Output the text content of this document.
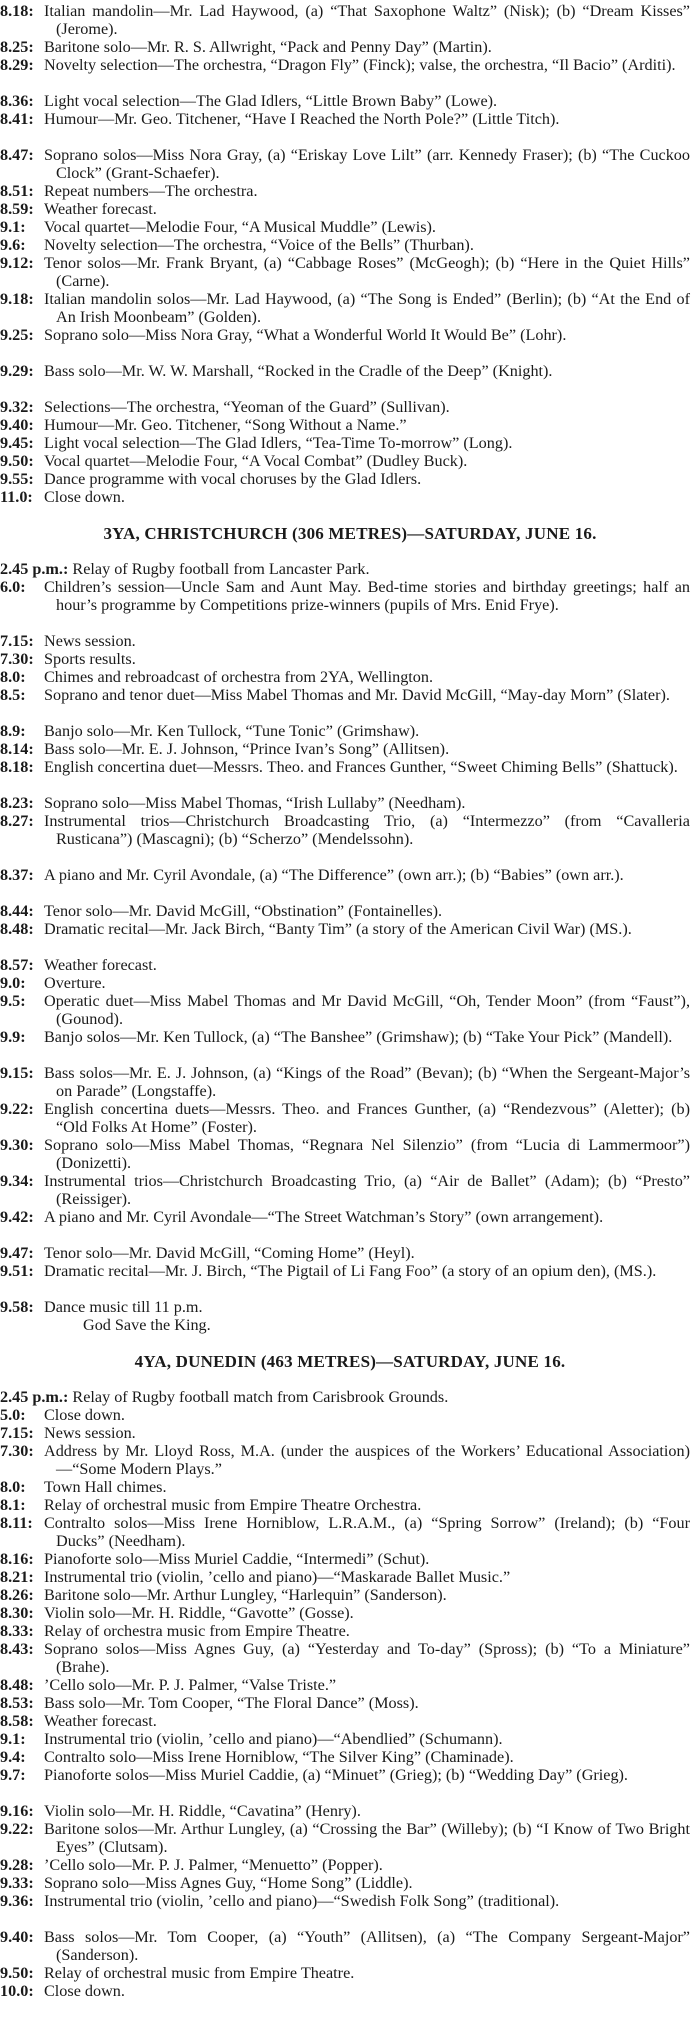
8.18: Italian mandolin—Mr. Lad Haywood, (a) “That Saxophone Waltz” (Nisk); (b) “Dream Kisses” (Jerome).
8.25: Baritone solo—Mr. R. S. Allwright, “Pack and Penny Day” (Martin).
8.29: Novelty selection—The orchestra, “Dragon Fly” (Finck); valse, the orchestra, “Il Bacio” (Arditi).
8.36: Light vocal selection—The Glad Idlers, “Little Brown Baby” (Lowe).
8.41: Humour—Mr. Geo. Titchener, “Have I Reached the North Pole?” (Little Titch).
8.47: Soprano solos—Miss Nora Gray, (a) “Eriskay Love Lilt” (arr. Kennedy Fraser); (b) “The Cuckoo Clock” (Grant-Schaefer).
8.51: Repeat numbers—The orchestra.
8.59: Weather forecast.
9.1:	Vocal quartet—Melodie Four, “A Musical Muddle” (Lewis).
9.6:	Novelty selection—The orchestra, “Voice of the Bells” (Thurban).
9.12: Tenor solos—Mr. Frank Bryant, (a) “Cabbage Roses” (McGeogh); (b) “Here in the Quiet Hills” (Carne).
9.18: Italian mandolin solos—Mr. Lad Haywood, (a) “The Song is Ended” (Berlin); (b) “At the End of An Irish Moonbeam” (Golden).
9.25: Soprano solo—Miss Nora Gray, “What a Wonderful World It Would Be” (Lohr).
9.29: Bass solo—Mr. W. W. Marshall, “Rocked in the Cradle of the Deep” (Knight).
9.32: Selections—The orchestra, “Yeoman of the Guard” (Sullivan).
9.40: Humour—Mr. Geo. Titchener, “Song Without a Name.”
9.45: Light vocal selection—The Glad Idlers, “Tea-Time To-morrow” (Long).
9.50: Vocal quartet—Melodie Four, “A Vocal Combat” (Dudley Buck).
9.55: Dance programme with vocal choruses by the Glad Idlers.
11.0: Close down.
3YA, CHRISTCHURCH (306 METRES)—SATURDAY, JUNE 16.
2.45 p.m.: Relay of Rugby football from Lancaster Park.
6.0:	Children’s session—Uncle Sam and Aunt May. Bed-time stories and birthday greetings; half an hour’s programme by Competitions prize-winners (pupils of Mrs. Enid Frye).
7.15: News session.
7.30: Sports results.
8.0:	Chimes and rebroadcast of orchestra from 2YA, Wellington.
8.5:	Soprano and tenor duet—Miss Mabel Thomas and Mr. David McGill, “May-day Morn” (Slater).
8.9:	Banjo solo—Mr. Ken Tullock, “Tune Tonic” (Grimshaw).
8.14: Bass solo—Mr. E. J. Johnson, “Prince Ivan’s Song” (Allitsen).
8.18: English concertina duet—Messrs. Theo. and Frances Gunther, “Sweet Chiming Bells” (Shattuck).
8.23: Soprano solo—Miss Mabel Thomas, “Irish Lullaby” (Needham).
8.27: Instrumental trios—Christchurch Broadcasting Trio, (a) “Intermezzo” (from “Cavalleria Rusticana”) (Mascagni); (b) “Scherzo” (Mendelssohn).
8.37: A piano and Mr. Cyril Avondale, (a) “The Difference” (own arr.); (b) “Babies” (own arr.).
8.44: Tenor solo—Mr. David McGill, “Obstination” (Fontainelles).
8.48: Dramatic recital—Mr. Jack Birch, “Banty Tim” (a story of the American Civil War) (MS.).
8.57: Weather forecast.
9.0:	Overture.
9.5:	Operatic duet—Miss Mabel Thomas and Mr David McGill, “Oh, Tender Moon” (from “Faust”), (Gounod).
9.9:	Banjo solos—Mr. Ken Tullock, (a) “The Banshee” (Grimshaw); (b) “Take Your Pick” (Mandell).
9.15: Bass solos—Mr. E. J. Johnson, (a) “Kings of the Road” (Bevan); (b) “When the Sergeant-Major’s on Parade” (Longstaffe).
9.22: English concertina duets—Messrs. Theo. and Frances Gunther, (a) “Rendezvous” (Aletter); (b) “Old Folks At Home” (Foster).
9.30: Soprano solo—Miss Mabel Thomas, “Regnara Nel Silenzio” (from “Lucia di Lammermoor”) (Donizetti).
9.34: Instrumental trios—Christchurch Broadcasting Trio, (a) “Air de Ballet” (Adam); (b) “Presto” (Reissiger).
9.42: A piano and Mr. Cyril Avondale—“The Street Watchman’s Story” (own arrangement).
9.47: Tenor solo—Mr. David McGill, “Coming Home” (Heyl).
9.51: Dramatic recital—Mr. J. Birch, “The Pigtail of Li Fang Foo” (a story of an opium den), (MS.).
9.58: Dance music till 11 p.m.
God Save the King.
4YA, DUNEDIN (463 METRES)—SATURDAY, JUNE 16.
2.45 p.m.: Relay of Rugby football match from Carisbrook Grounds.
5.0:	Close down.
7.15: News session.
7.30: Address by Mr. Lloyd Ross, M.A. (under the auspices of the Workers’ Educational Association)—“Some Modern Plays.”
8.0:	Town Hall chimes.
8.1:	Relay of orchestral music from Empire Theatre Orchestra.
8.11: Contralto solos—Miss Irene Horniblow, L.R.A.M., (a) “Spring Sorrow” (Ireland); (b) “Four Ducks” (Needham).
8.16: Pianoforte solo—Miss Muriel Caddie, “Intermedi” (Schut).
8.21: Instrumental trio (violin, ’cello and piano)—“Maskarade Ballet Music.”
8.26: Baritone solo—Mr. Arthur Lungley, “Harlequin” (Sanderson).
8.30: Violin solo—Mr. H. Riddle, “Gavotte” (Gosse).
8.33: Relay of orchestra music from Empire Theatre.
8.43: Soprano solos—Miss Agnes Guy, (a) “Yesterday and To-day” (Spross); (b) “To a Miniature” (Brahe).
8.48: ’Cello solo—Mr. P. J. Palmer, “Valse Triste.”
8.53: Bass solo—Mr. Tom Cooper, “The Floral Dance” (Moss).
8.58: Weather forecast.
9.1:	Instrumental trio (violin, ’cello and piano)—“Abendlied” (Schumann).
9.4:	Contralto solo—Miss Irene Horniblow, “The Silver King” (Chaminade).
9.7:	Pianoforte solos—Miss Muriel Caddie, (a) “Minuet” (Grieg); (b) “Wedding Day” (Grieg).
9.16: Violin solo—Mr. H. Riddle, “Cavatina” (Henry).
9.22: Baritone solos—Mr. Arthur Lungley, (a) “Crossing the Bar” (Willeby); (b) “I Know of Two Bright Eyes” (Clutsam).
9.28: ’Cello solo—Mr. P. J. Palmer, “Menuetto” (Popper).
9.33: Soprano solo—Miss Agnes Guy, “Home Song” (Liddle).
9.36: Instrumental trio (violin, ’cello and piano)—“Swedish Folk Song” (traditional).
9.40: Bass solos—Mr. Tom Cooper, (a) “Youth” (Allitsen), (a) “The Company Sergeant-Major” (Sanderson).
9.50: Relay of orchestral music from Empire Theatre.
10.0: Close down.
